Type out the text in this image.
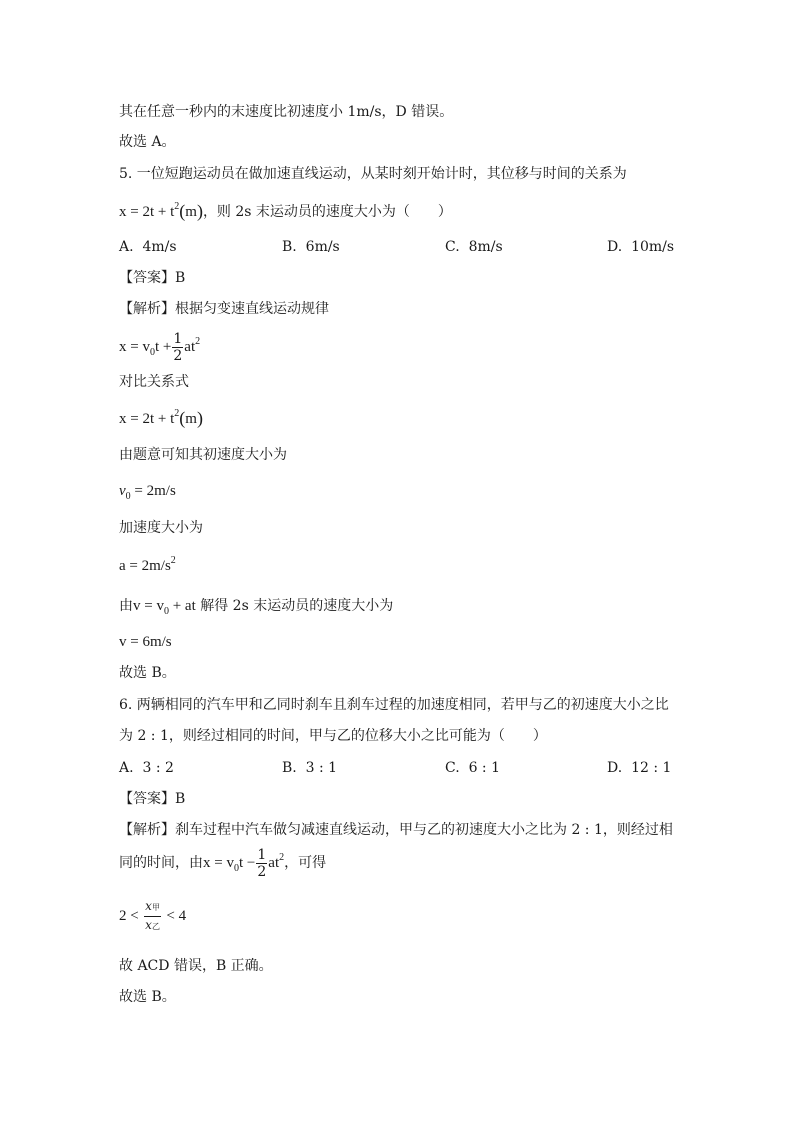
其在任意一秒内的末速度比初速度小 1m/s，D 错误。
故选 A。
5. 一位短跑运动员在做加速直线运动，从某时刻开始计时，其位移与时间的关系为
$x = 2t + t^2(m)$，则 2s 末运动员的速度大小为（　　）
A. 4m/s	B. 6m/s	C. 8m/s	D. 10m/s
【答案】B
【解析】根据匀变速直线运动规律
$x = v_0t + \frac{1}{2} at^2$
对比关系式
$x = 2t + t^2(m)$
由题意可知其初速度大小为
$v_0 = 2m/s$
加速度大小为
$a = 2m/s^2$
由$v = v_0$ + at 解得 2s 末运动员的速度大小为
v = 6m/s
故选 B。
6. 两辆相同的汽车甲和乙同时刹车且刹车过程的加速度相同，若甲与乙的初速度大小之比
为 2 : 1，则经过相同的时间，甲与乙的位移大小之比可能为（　　）
A. 3 : 2	B. 3 : 1	C. 6 : 1	D. 12 : 1
【答案】B
【解析】刹车过程中汽车做匀减速直线运动，甲与乙的初速度大小之比为 2 : 1，则经过相
同的时间，由$x = v_0t - \frac{1}{2} at^2$，可得
$2 < \frac{\text{x甲}}{\text{x乙}} < 4$
故 ACD 错误，B 正确。
故选 B。
